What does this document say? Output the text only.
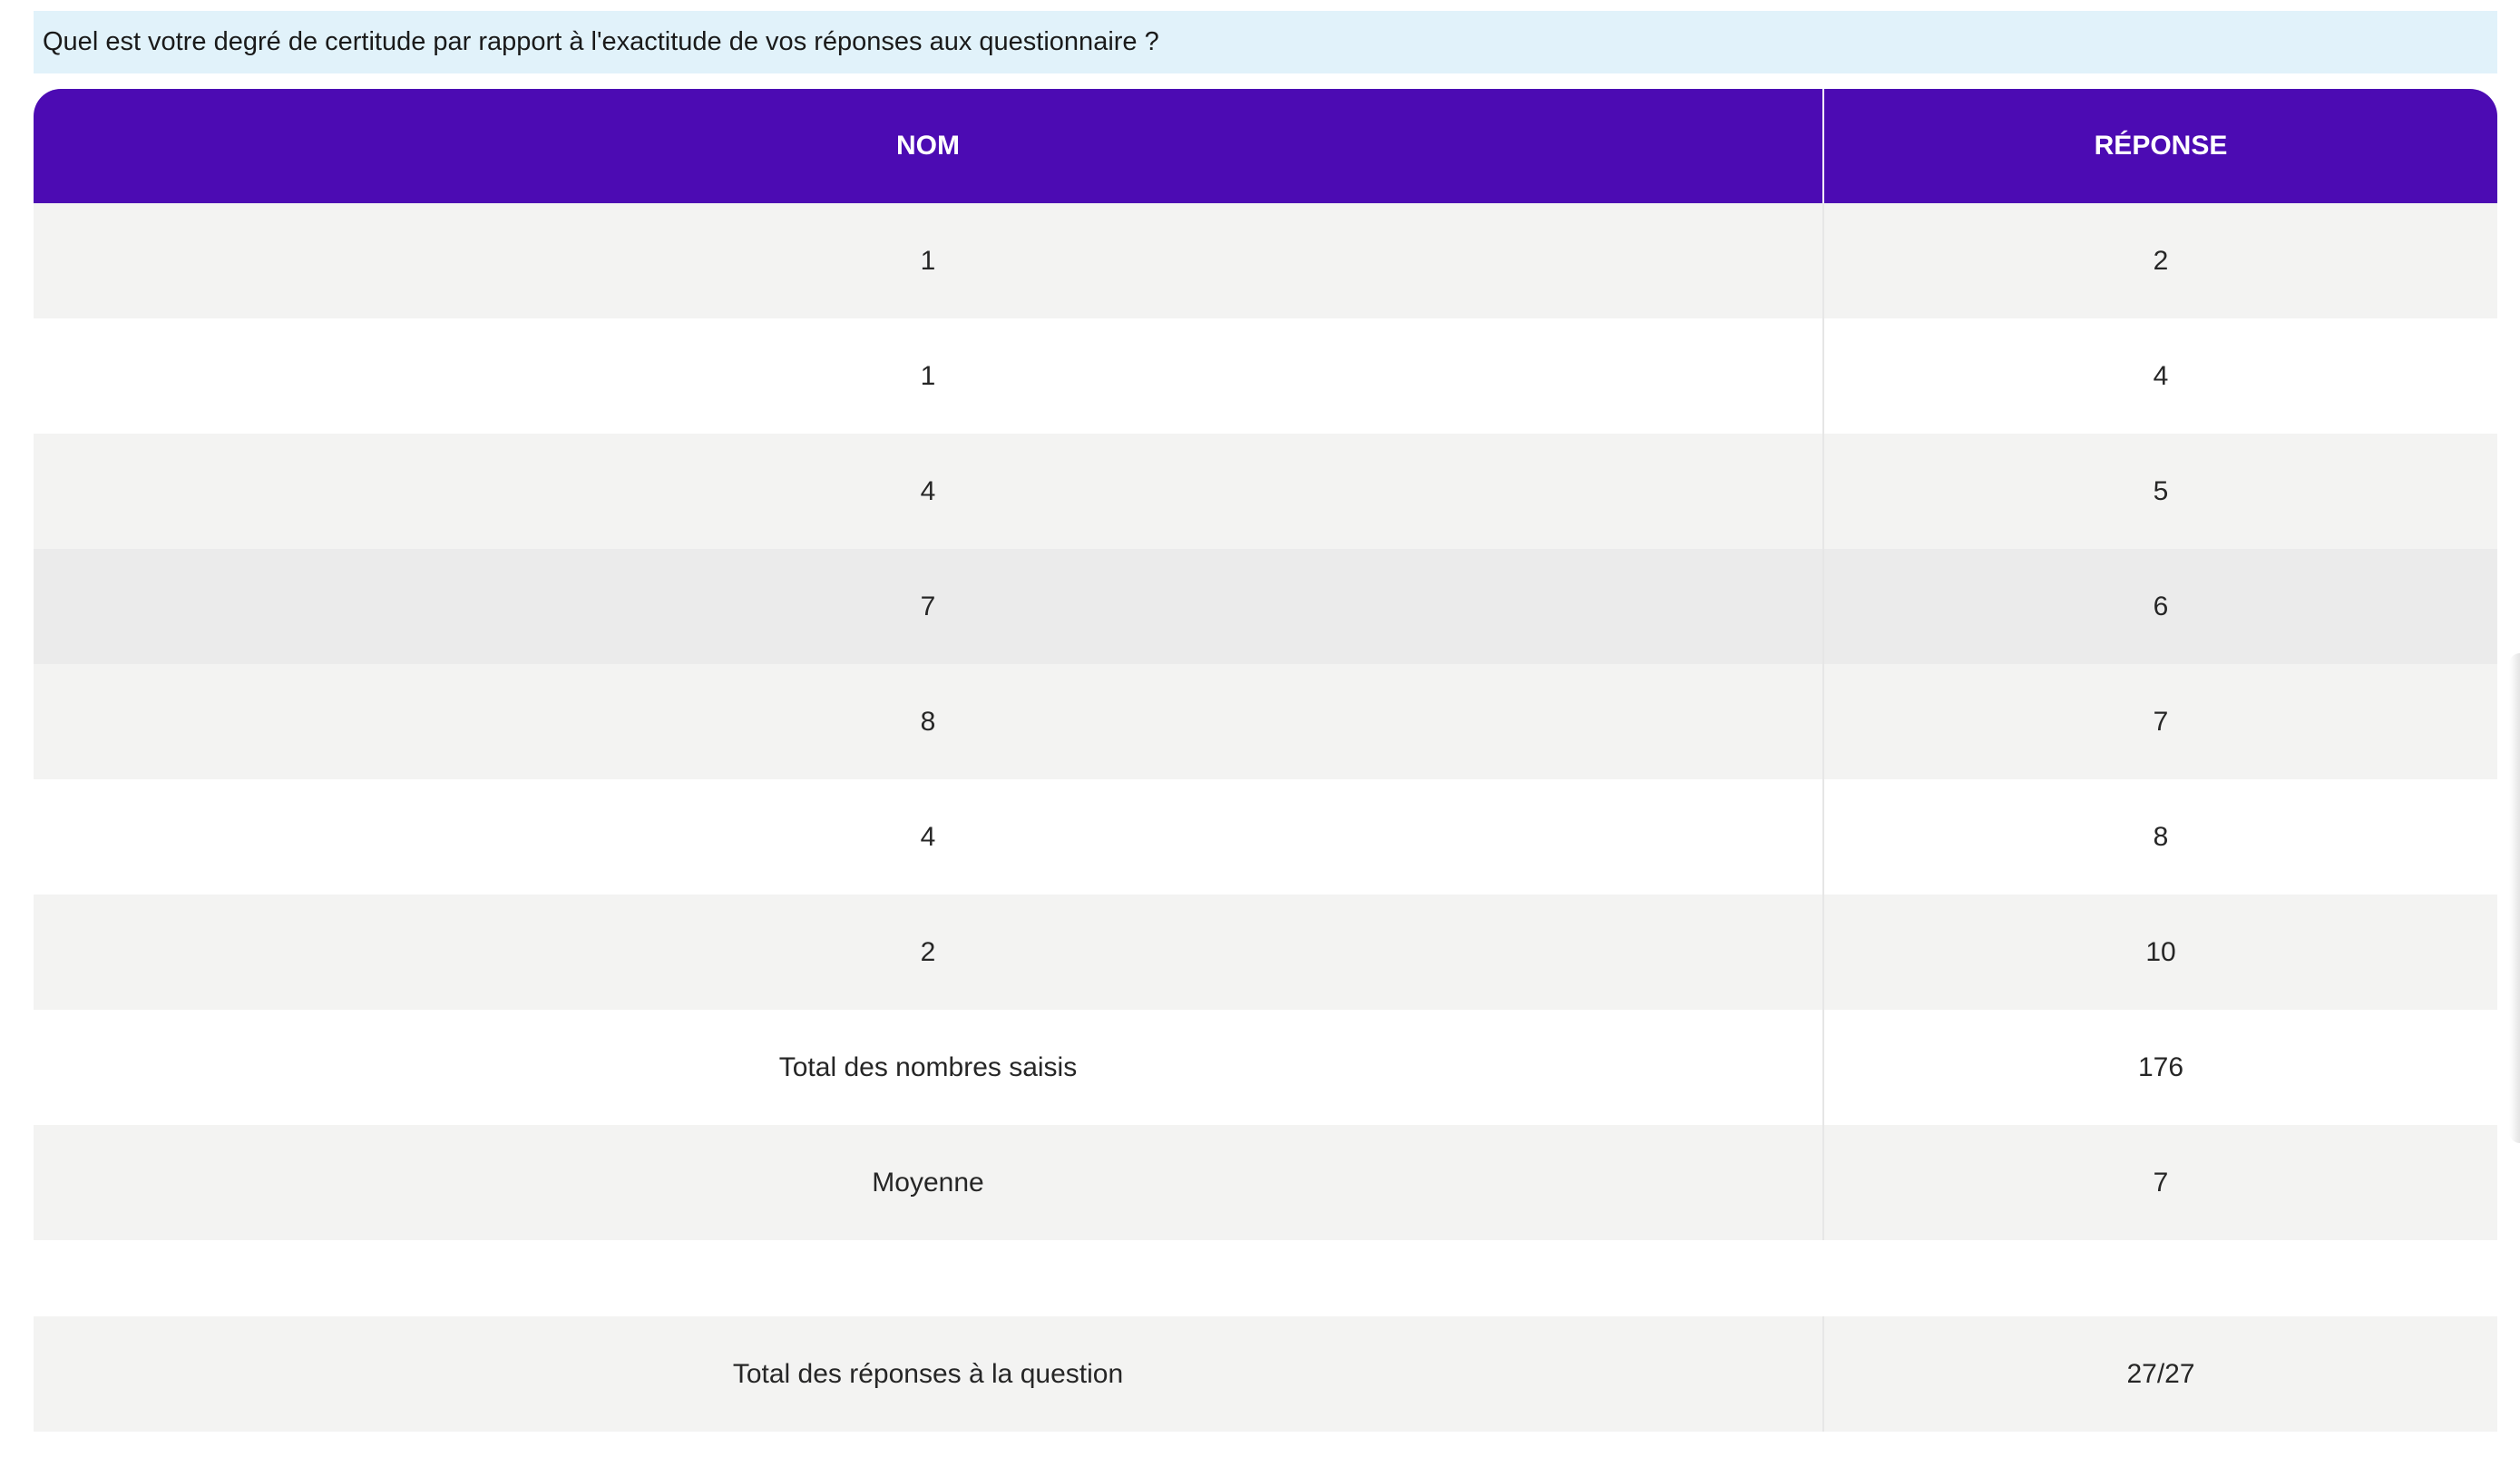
Quel est votre degré de certitude par rapport à l'exactitude de vos réponses aux questionnaire ?
NOM	RÉPONSE
1	2
1	4
4	5
7	6
8	7
4	8
2	10
Total des nombres saisis	176
Moyenne	7

Total des réponses à la question	27/27
